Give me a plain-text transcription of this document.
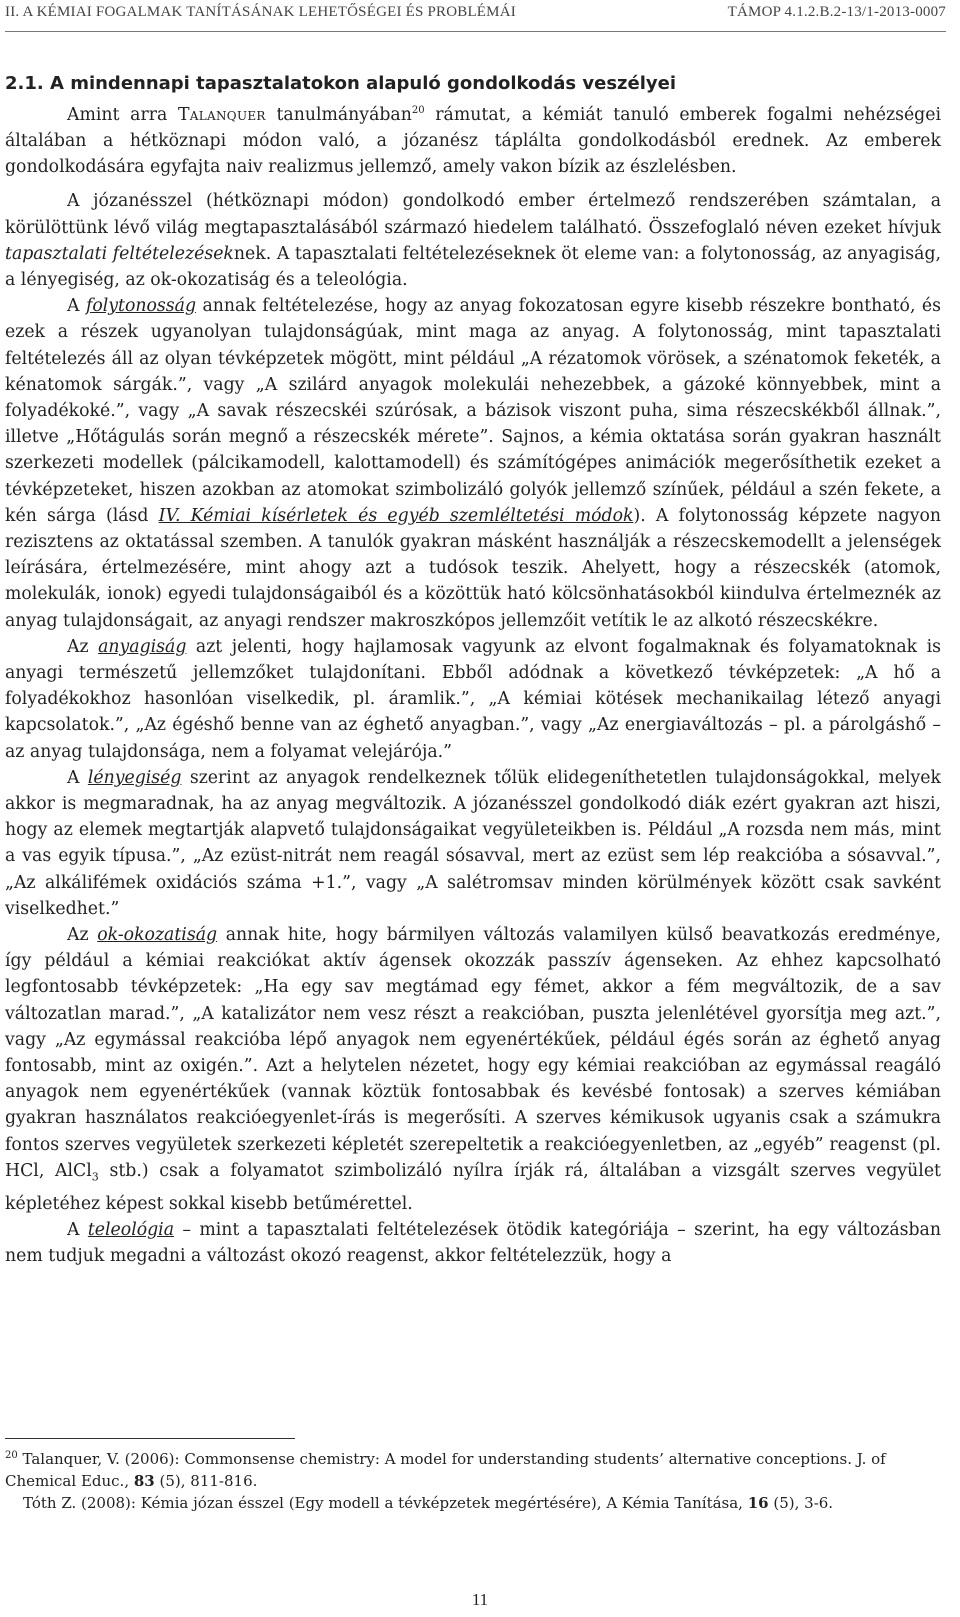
II. A KÉMIAI FOGALMAK TANÍTÁSÁNAK LEHETŐSÉGEI ÉS PROBLÉMÁI	TÁMOP 4.1.2.B.2-13/1-2013-0007
2.1. A mindennapi tapasztalatokon alapuló gondolkodás veszélyei

Amint arra Talanquer tanulmányában$^{20}$ rámutat, a kémiát tanuló emberek fogalmi nehézségei általában a hétköznapi módon való, a józanész táplálta gondolkodásból erednek. Az emberek gondolkodására egyfajta naiv realizmus jellemző, amely vakon bízik az észlelésben.

A józanésszel (hétköznapi módon) gondolkodó ember értelmező rendszerében számtalan, a körülöttünk lévő világ megtapasztalásából származó hiedelem található. Összefoglaló néven ezeket hívjuk tapasztalati feltételezéseknek. A tapasztalati feltételezéseknek öt eleme van: a folytonosság, az anyagiság, a lényegiség, az ok-okozatiság és a teleológia.

A folytonosság annak feltételezése, hogy az anyag fokozatosan egyre kisebb részekre bontható, és ezek a részek ugyanolyan tulajdonságúak, mint maga az anyag. A folytonosság, mint tapasztalati feltételezés áll az olyan tévképzetek mögött, mint például „A rézatomok vörösek, a szénatomok feketék, a kénatomok sárgák.”, vagy „A szilárd anyagok molekulái nehezebbek, a gázoké könnyebbek, mint a folyadékoké.”, vagy „A savak részecskéi szúrósak, a bázisok viszont puha, sima részecskékből állnak.”, illetve „Hőtágulás során megnő a részecskék mérete”. Sajnos, a kémia oktatása során gyakran használt szerkezeti modellek (pálcikamodell, kalottamodell) és számítógépes animációk megerősíthetik ezeket a tévképzeteket, hiszen azokban az atomokat szimbolizáló golyók jellemző színűek, például a szén fekete, a kén sárga (lásd IV. Kémiai kísérletek és egyéb szemléltetési módok). A folytonosság képzete nagyon rezisztens az oktatással szemben. A tanulók gyakran másként használják a részecskemodellt a jelenségek leírására, értelmezésére, mint ahogy azt a tudósok teszik. Ahelyett, hogy a részecskék (atomok, molekulák, ionok) egyedi tulajdonságaiból és a közöttük ható kölcsönhatásokból kiindulva értelmeznék az anyag tulajdonságait, az anyagi rendszer makroszkópos jellemzőit vetítik le az alkotó részecskékre.

Az anyagiság azt jelenti, hogy hajlamosak vagyunk az elvont fogalmaknak és folyamatoknak is anyagi természetű jellemzőket tulajdonítani. Ebből adódnak a következő tévképzetek: „A hő a folyadékokhoz hasonlóan viselkedik, pl. áramlik.”, „A kémiai kötések mechanikailag létező anyagi kapcsolatok.”, „Az égéshő benne van az éghető anyagban.”, vagy „Az energiaváltozás – pl. a párolgáshő – az anyag tulajdonsága, nem a folyamat velejárója.”

A lényegiség szerint az anyagok rendelkeznek tőlük elidegeníthetetlen tulajdonságokkal, melyek akkor is megmaradnak, ha az anyag megváltozik. A józanésszel gondolkodó diák ezért gyakran azt hiszi, hogy az elemek megtartják alapvető tulajdonságaikat vegyületeikben is. Például „A rozsda nem más, mint a vas egyik típusa.”, „Az ezüst-nitrát nem reagál sósavval, mert az ezüst sem lép reakcióba a sósavval.”, „Az alkálifémek oxidációs száma +1.”, vagy „A salétromsav minden körülmények között csak savként viselkedhet.”

Az ok-okozatiság annak hite, hogy bármilyen változás valamilyen külső beavatkozás eredménye, így például a kémiai reakciókat aktív ágensek okozzák passzív ágenseken. Az ehhez kapcsolható legfontosabb tévképzetek: „Ha egy sav megtámad egy fémet, akkor a fém megváltozik, de a sav változatlan marad.”, „A katalizátor nem vesz részt a reakcióban, puszta jelenlétével gyorsítja meg azt.”, vagy „Az egymással reakcióba lépő anyagok nem egyenértékűek, például égés során az éghető anyag fontosabb, mint az oxigén.”. Azt a helytelen nézetet, hogy egy kémiai reakcióban az egymással reagáló anyagok nem egyenértékűek (vannak köztük fontosabbak és kevésbé fontosak) a szerves kémiában gyakran használatos reakcióegyenlet-írás is megerősíti. A szerves kémikusok ugyanis csak a számukra fontos szerves vegyületek szerkezeti képletét szerepeltetik a reakcióegyenletben, az „egyéb” reagenst (pl. HCl, AlCl$_3$ stb.) csak a folyamatot szimbolizáló nyílra írják rá, általában a vizsgált szerves vegyület képletéhez képest sokkal kisebb betűmérettel.

A teleológia – mint a tapasztalati feltételezések ötödik kategóriája – szerint, ha egy változásban nem tudjuk megadni a változást okozó reagenst, akkor feltételezzük, hogy a

$^{20}$ Talanquer, V. (2006): Commonsense chemistry: A model for understanding students’ alternative conceptions. J. of Chemical Educ., 83 (5), 811-816.

Tóth Z. (2008): Kémia józan ésszel (Egy modell a tévképzetek megértésére), A Kémia Tanítása, 16 (5), 3-6.

11
